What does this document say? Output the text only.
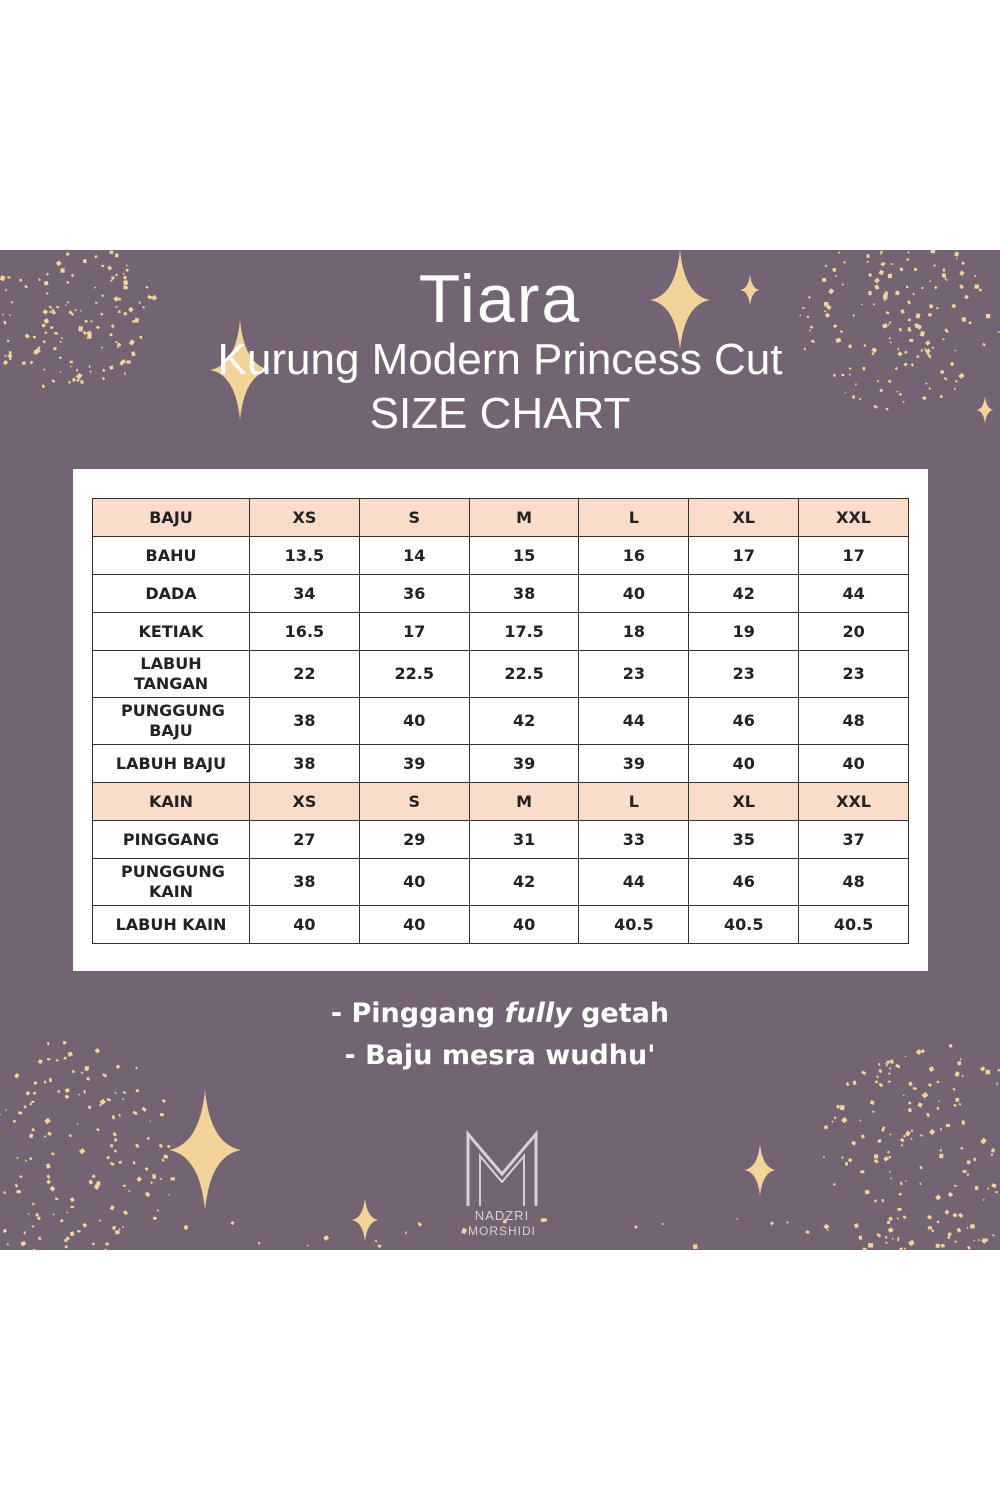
Tiara
Kurung Modern Princess Cut
SIZE CHART
BAJU	XS	S	M	L	XL	XXL
BAHU	13.5	14	15	16	17	17
DADA	34	36	38	40	42	44
KETIAK	16.5	17	17.5	18	19	20
LABUH TANGAN	22	22.5	22.5	23	23	23
PUNGGUNG BAJU	38	40	42	44	46	48
LABUH BAJU	38	39	39	39	40	40
KAIN	XS	S	M	L	XL	XXL
PINGGANG	27	29	31	33	35	37
PUNGGUNG KAIN	38	40	42	44	46	48
LABUH KAIN	40	40	40	40.5	40.5	40.5
- Pinggang fully getah
- Baju mesra wudhu'
NADZRI
MORSHIDI
